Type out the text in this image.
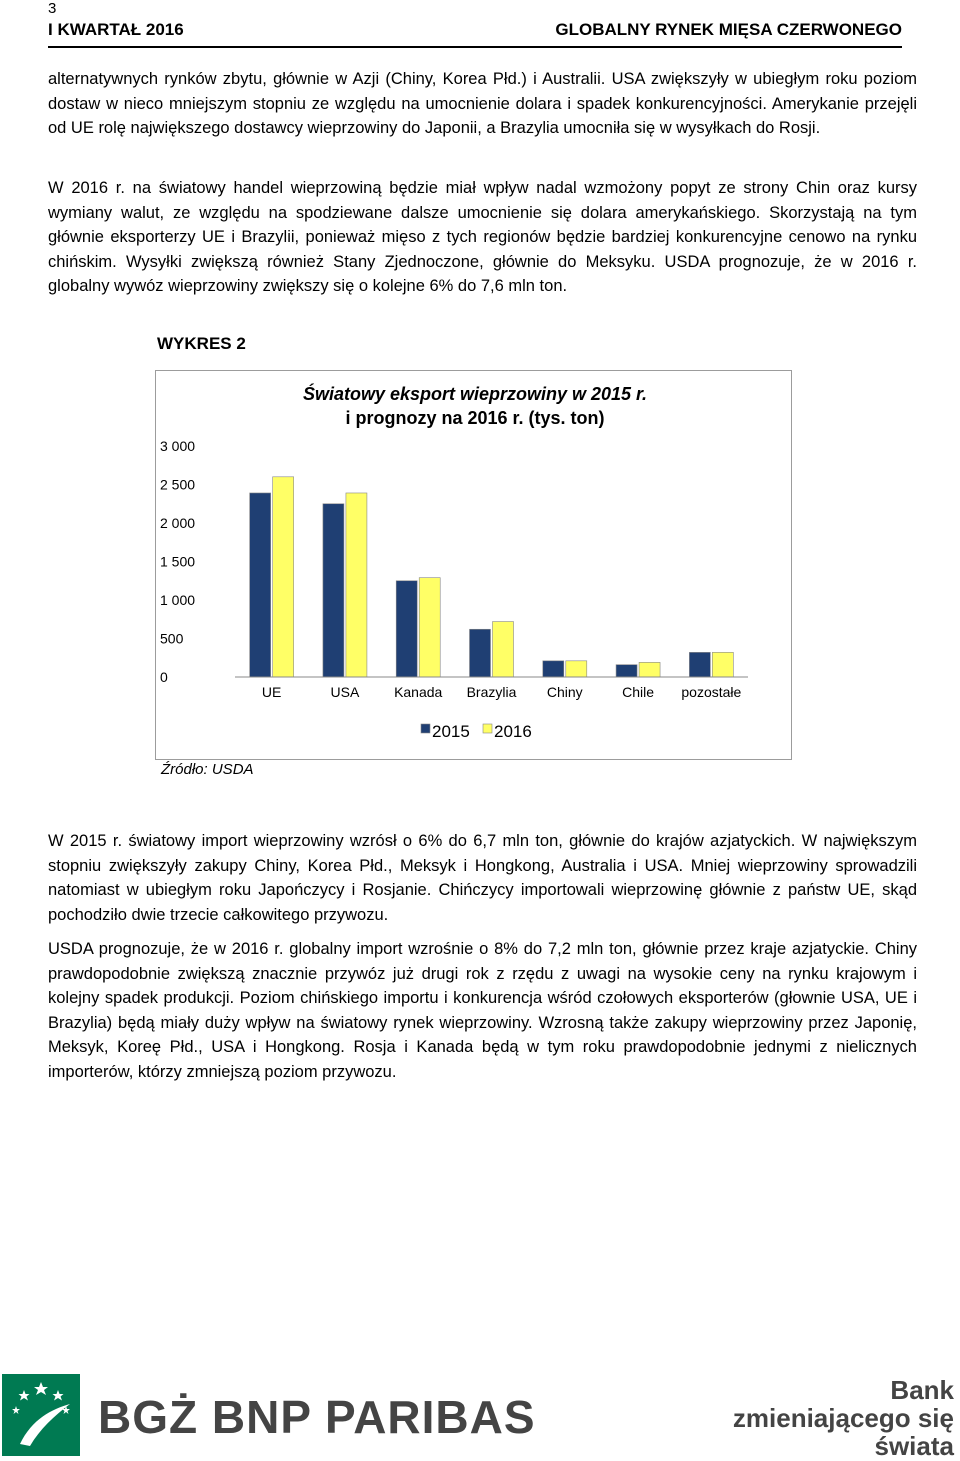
3
I KWARTAŁ 2016	GLOBALNY RYNEK MIĘSA CZERWONEGO

alternatywnych rynków zbytu, głównie w Azji (Chiny, Korea Płd.) i Australii. USA zwiększyły w ubiegłym roku poziom dostaw w nieco mniejszym stopniu ze względu na umocnienie dolara i spadek konkurencyjności. Amerykanie przejęli od UE rolę największego dostawcy wieprzowiny do Japonii, a Brazylia umocniła się w wysyłkach do Rosji.

W 2016 r. na światowy handel wieprzowiną będzie miał wpływ nadal wzmożony popyt ze strony Chin oraz kursy wymiany walut, ze względu na spodziewane dalsze umocnienie się dolara amerykańskiego. Skorzystają na tym głównie eksporterzy UE i Brazylii, ponieważ mięso z tych regionów będzie bardziej konkurencyjne cenowo na rynku chińskim. Wysyłki zwiększą również Stany Zjednoczone, głównie do Meksyku. USDA prognozuje, że w 2016 r. globalny wywóz wieprzowiny zwiększy się o kolejne 6% do 7,6 mln ton.

WYKRES 2
Światowy eksport wieprzowiny w 2015 r.
i prognozy na 2016 r. (tys. ton)
0
500
1 000
1 500
2 000
2 500
3 000
UE	USA Kanada Brazylia Chiny	Chile pozostałe
2015 2016
Źródło: USDA

W 2015 r. światowy import wieprzowiny wzrósł o 6% do 6,7 mln ton, głównie do krajów azjatyckich. W największym stopniu zwiększyły zakupy Chiny, Korea Płd., Meksyk i Hongkong, Australia i USA. Mniej wieprzowiny sprowadzili natomiast w ubiegłym roku Japończycy i Rosjanie. Chińczycy importowali wieprzowinę głównie z państw UE, skąd pochodziło dwie trzecie całkowitego przywozu.

USDA prognozuje, że w 2016 r. globalny import wzrośnie o 8% do 7,2 mln ton, głównie przez kraje azjatyckie. Chiny prawdopodobnie zwiększą znacznie przywóz już drugi rok z rzędu z uwagi na wysokie ceny na rynku krajowym i kolejny spadek produkcji. Poziom chińskiego importu i konkurencja wśród czołowych eksporterów (głownie USA, UE i Brazylia) będą miały duży wpływ na światowy rynek wieprzowiny. Wzrosną także zakupy wieprzowiny przez Japonię, Meksyk, Koreę Płd., USA i Hongkong. Rosja i Kanada będą w tym roku prawdopodobnie jednymi z nielicznych importerów, którzy zmniejszą poziom przywozu.

BGŻ BNP PARIBAS
Bank
zmieniającego się
świata
